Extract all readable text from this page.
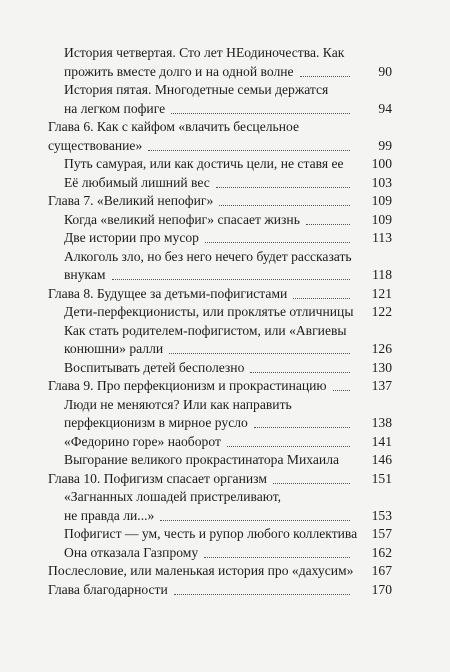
История четвертая. Сто лет НЕодиночества. Как
прожить вместе долго и на одной волне	90
История пятая. Многодетные семьи держатся
на легком пофиге	94
Глава 6. Как с кайфом «влачить бесцельное
существование»	99
Путь самурая, или как достичь цели, не ставя ее	100
Её любимый лишний вес	103
Глава 7. «Великий непофиг»	109
Когда «великий непофиг» спасает жизнь	109
Две истории про мусор	113
Алкоголь зло, но без него нечего будет рассказать
внукам	118
Глава 8. Будущее за детьми-пофигистами	121
Дети-перфекционисты, или проклятье отличницы	122
Как стать родителем-пофигистом, или «Авгиевы
конюшни» ралли	126
Воспитывать детей бесполезно	130
Глава 9. Про перфекционизм и прокрастинацию	137
Люди не меняются? Или как направить
перфекционизм в мирное русло	138
«Федорино горе» наоборот	141
Выгорание великого прокрастинатора Михаила	146
Глава 10. Пофигизм спасает организм	151
«Загнанных лошадей пристреливают,
не правда ли...»	153
Пофигист — ум, честь и рупор любого коллектива	157
Она отказала Газпрому	162
Послесловие, или маленькая история про «дахусим»	167
Глава благодарности	170
